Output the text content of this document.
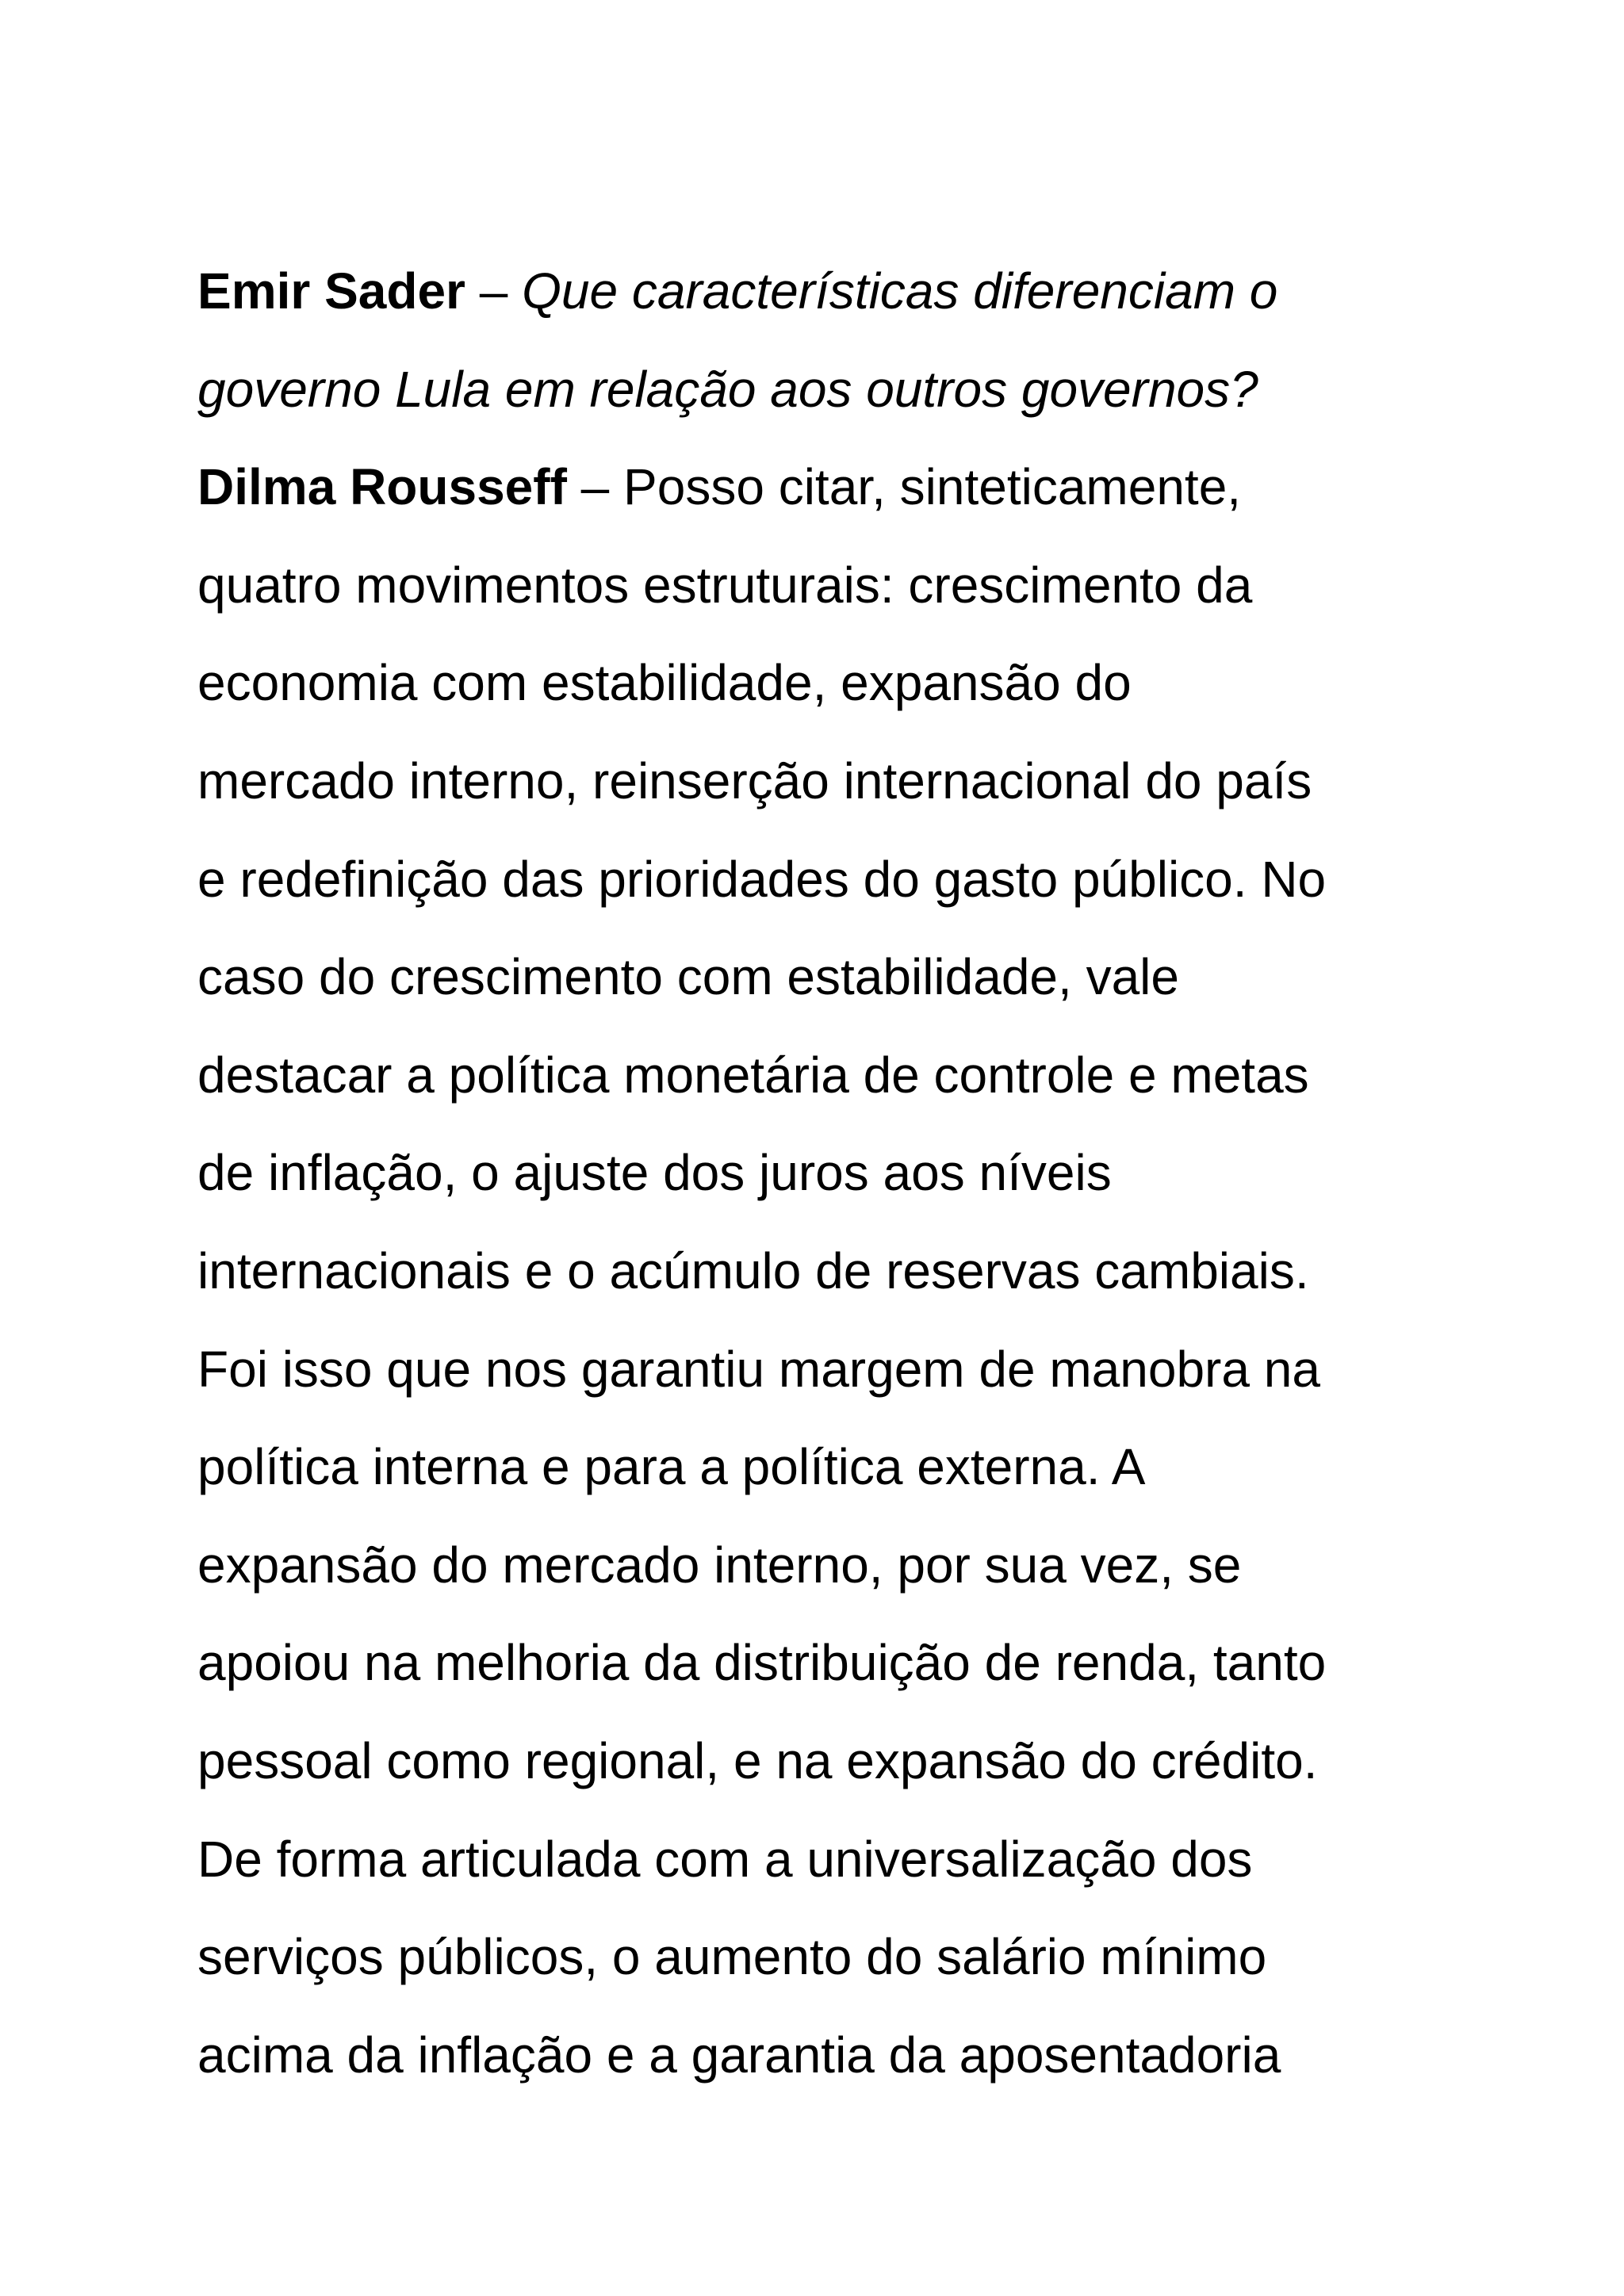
Emir Sader – Que características diferenciam o
governo Lula em relação aos outros governos?
Dilma Rousseff – Posso citar, sinteticamente,
quatro movimentos estruturais: crescimento da
economia com estabilidade, expansão do
mercado interno, reinserção internacional do país
e redefinição das prioridades do gasto público. No
caso do crescimento com estabilidade, vale
destacar a política monetária de controle e metas
de inflação, o ajuste dos juros aos níveis
internacionais e o acúmulo de reservas cambiais.
Foi isso que nos garantiu margem de manobra na
política interna e para a política externa. A
expansão do mercado interno, por sua vez, se
apoiou na melhoria da distribuição de renda, tanto
pessoal como regional, e na expansão do crédito.
De forma articulada com a universalização dos
serviços públicos, o aumento do salário mínimo
acima da inflação e a garantia da aposentadoria
